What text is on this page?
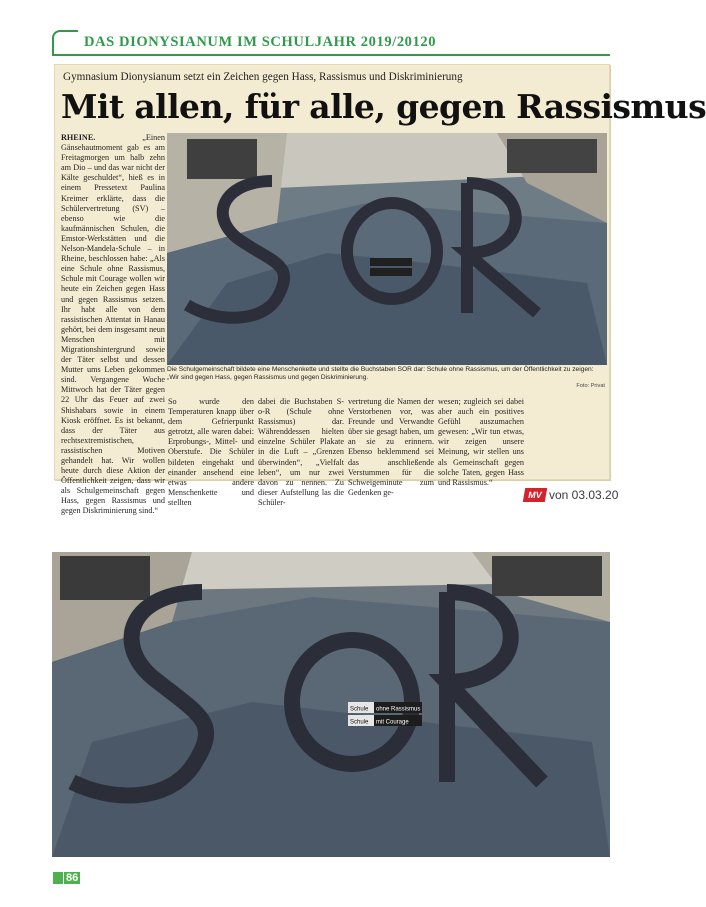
DAS DIONYSIANUM IM SCHULJAHR 2019/20120
Gymnasium Dionysianum setzt ein Zeichen gegen Hass, Rassismus und Diskriminierung
Mit allen, für alle, gegen Rassismus
RHEINE.	„Einen Gänsehautmoment gab es am Freitagmorgen um halb zehn am Dio – und das war nicht der Kälte geschuldet“, hieß es in einem Pressetext Paulina Kreimer erklärte, dass die Schülervertretung (SV) – ebenso wie die kaufmännischen Schulen, die Emstor-Werkstätten und die Nelson-Mandela-Schule – in Rheine, beschlossen habe: „Als eine Schule ohne Rassismus, Schule mit Courage wollen wir heute ein Zeichen gegen Hass und gegen Rassismus setzen. Ihr habt alle von dem rassistischen Attentat in Hanau gehört, bei dem insgesamt neun Menschen mit Migrationshintergrund sowie der Täter selbst und dessen Mutter ums Leben gekommen sind. Vergangene Woche Mittwoch hat der Täter gegen 22 Uhr das Feuer auf zwei Shishabars sowie in einem Kiosk eröffnet. Es ist bekannt, dass der Täter aus rechtsextremistischen, rassistischen Motiven gehandelt hat. Wir wollen heute durch diese Aktion der Öffentlichkeit zeigen, dass wir als Schulgemeinschaft gegen Hass, gegen Rassismus und gegen Diskriminierung sind.“
Die Schulgemeinschaft bildete eine Menschenkette und stellte die Buchstaben SOR dar: Schule ohne Rassismus, um der Öffentlichkeit zu zeigen: „Wir sind gegen Hass, gegen Rassismus und gegen Diskriminierung.
Foto: Privat
So wurde den Temperaturen knapp über dem Gefrierpunkt getrotzt, alle waren dabei: Erprobungs-, Mittel- und Oberstufe. Die Schüler bildeten eingehakt und einander ansehend eine etwas andere Menschenkette und stellten
dabei die Buchstaben S-o-R (Schule ohne Rassismus) dar. Währenddessen hielten einzelne Schüler Plakate in die Luft – „Grenzen überwinden“, „Vielfalt leben“, um nur zwei davon zu nennen. Zu dieser Aufstellung las die Schüler-
vertretung die Namen der Verstorbenen vor, was Freunde und Verwandte über sie gesagt haben, um an sie zu erinnern. Ebenso beklemmend sei das anschließende Verstummen für die Schweigeminute zum Gedenken ge-
wesen; zugleich sei dabei aber auch ein positives Gefühl auszumachen gewesen: „Wir tun etwas, wir zeigen unsere Meinung, wir stellen uns als Gemeinschaft gegen solche Taten, gegen Hass und Rassismus.“
MV von 03.03.20
Schule ohne Rassismus
Schule mit Courage
86
